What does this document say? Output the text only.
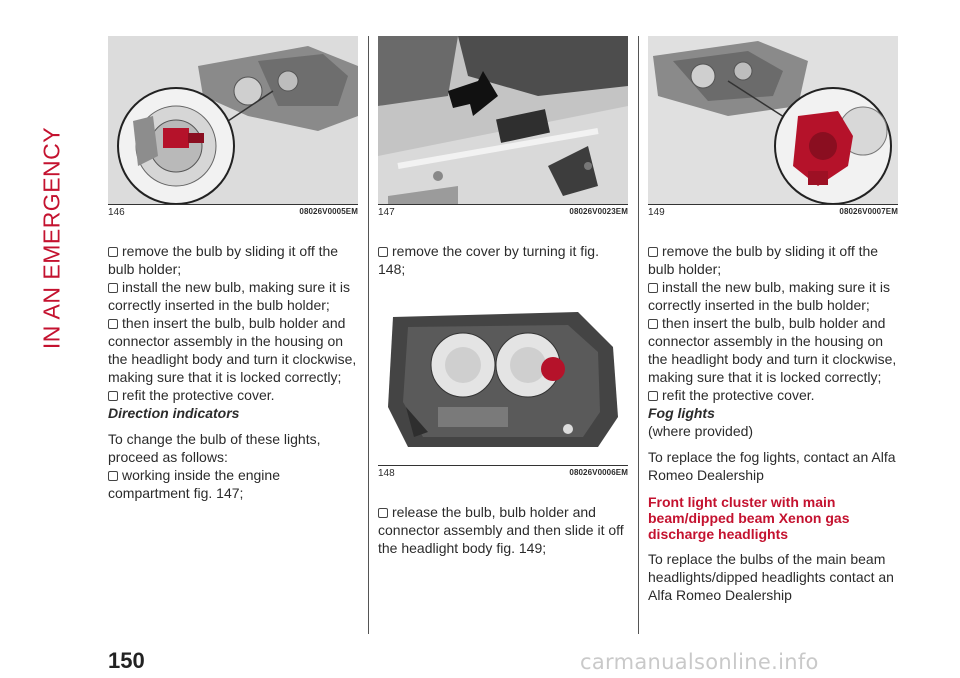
IN AN EMERGENCY	146	08026V0005EM

remove the bulb by sliding it off the bulb holder;

install the new bulb, making sure it is correctly inserted in the bulb holder;

then insert the bulb, bulb holder and connector assembly in the housing on the headlight body and turn it clockwise, making sure that it is locked correctly;

refit the protective cover.

Direction indicators

To change the bulb of these lights, proceed as follows:

working inside the engine compartment fig. 147;

147	08026V0023EM

remove the cover by turning it fig. 148;

148	08026V0006EM

release the bulb, bulb holder and connector assembly and then slide it off the headlight body fig. 149;

149	08026V0007EM

remove the bulb by sliding it off the bulb holder;

install the new bulb, making sure it is correctly inserted in the bulb holder;

then insert the bulb, bulb holder and connector assembly in the housing on the headlight body and turn it clockwise, making sure that it is locked correctly;

refit the protective cover.

Fog lights

(where provided)

To replace the fog lights, contact an Alfa Romeo Dealership

Front light cluster with main beam/dipped beam Xenon gas discharge headlights

To replace the bulbs of the main beam headlights/dipped headlights contact an Alfa Romeo Dealership

150	carmanualsonline.info
